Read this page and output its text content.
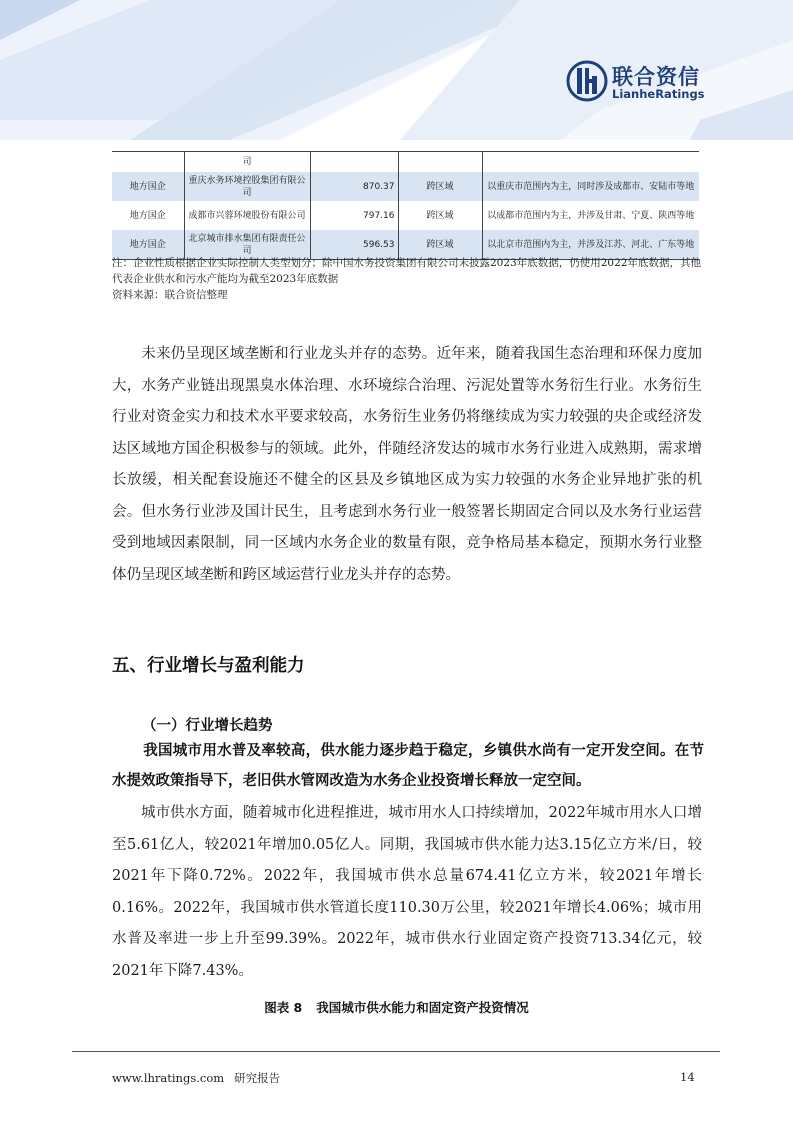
联合资信
LianheRatings
	司			
地方国企	重庆水务环境控股集团有限公司	870.37	跨区域	以重庆市范围内为主，同时涉及成都市、安陆市等地
地方国企	成都市兴蓉环境股份有限公司	797.16	跨区域	以成都市范围内为主，并涉及甘肃、宁夏、陕西等地
地方国企	北京城市排水集团有限责任公司	596.53	跨区域	以北京市范围内为主，并涉及江苏、河北、广东等地
注：企业性质根据企业实际控制人类型划分；除中国水务投资集团有限公司未披露2023年底数据，仍使用2022年底数据，其他代表企业供水和污水产能均为截至2023年底数据
资料来源：联合资信整理
未来仍呈现区域垄断和行业龙头并存的态势。近年来，随着我国生态治理和环保力度加大，水务产业链出现黑臭水体治理、水环境综合治理、污泥处置等水务衍生行业。水务衍生行业对资金实力和技术水平要求较高，水务衍生业务仍将继续成为实力较强的央企或经济发达区域地方国企积极参与的领域。此外，伴随经济发达的城市水务行业进入成熟期，需求增长放缓，相关配套设施还不健全的区县及乡镇地区成为实力较强的水务企业异地扩张的机会。但水务行业涉及国计民生，且考虑到水务行业一般签署长期固定合同以及水务行业运营受到地域因素限制，同一区域内水务企业的数量有限，竞争格局基本稳定，预期水务行业整体仍呈现区域垄断和跨区域运营行业龙头并存的态势。
五、行业增长与盈利能力
（一）行业增长趋势
我国城市用水普及率较高，供水能力逐步趋于稳定，乡镇供水尚有一定开发空间。在节水提效政策指导下，老旧供水管网改造为水务企业投资增长释放一定空间。
城市供水方面，随着城市化进程推进，城市用水人口持续增加，2022年城市用水人口增至5.61亿人，较2021年增加0.05亿人。同期，我国城市供水能力达3.15亿立方米/日，较2021年下降0.72%。2022年，我国城市供水总量674.41亿立方米，较2021年增长0.16%。2022年，我国城市供水管道长度110.30万公里，较2021年增长4.06%；城市用水普及率进一步上升至99.39%。2022年，城市供水行业固定资产投资713.34亿元，较2021年下降7.43%。
图表 8 我国城市供水能力和固定资产投资情况
www.lhratings.com 研究报告	14
